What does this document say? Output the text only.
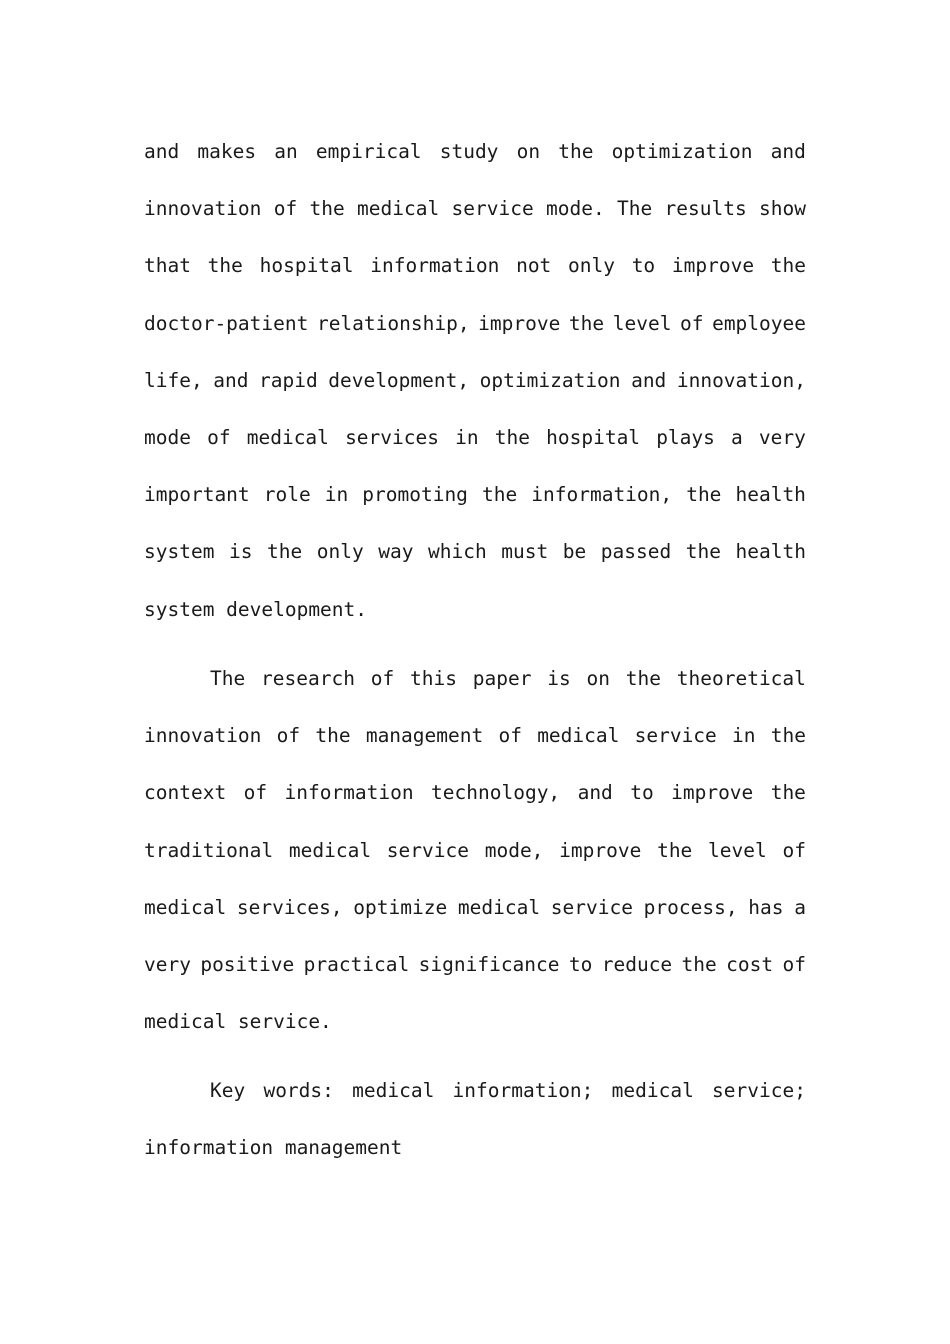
and makes an empirical study on the optimization and
innovation of the medical service mode. The results show
that the hospital information not only to improve the
doctor-patient relationship, improve the level of employee
life, and rapid development, optimization and innovation,
mode of medical services in the hospital plays a very
important role in promoting the information, the health
system is the only way which must be passed the health
system development.
The research of this paper is on the theoretical
innovation of the management of medical service in the
context of information technology, and to improve the
traditional medical service mode, improve the level of
medical services, optimize medical service process, has a
very positive practical significance to reduce the cost of
medical service.
Key words: medical information; medical service;
information management
